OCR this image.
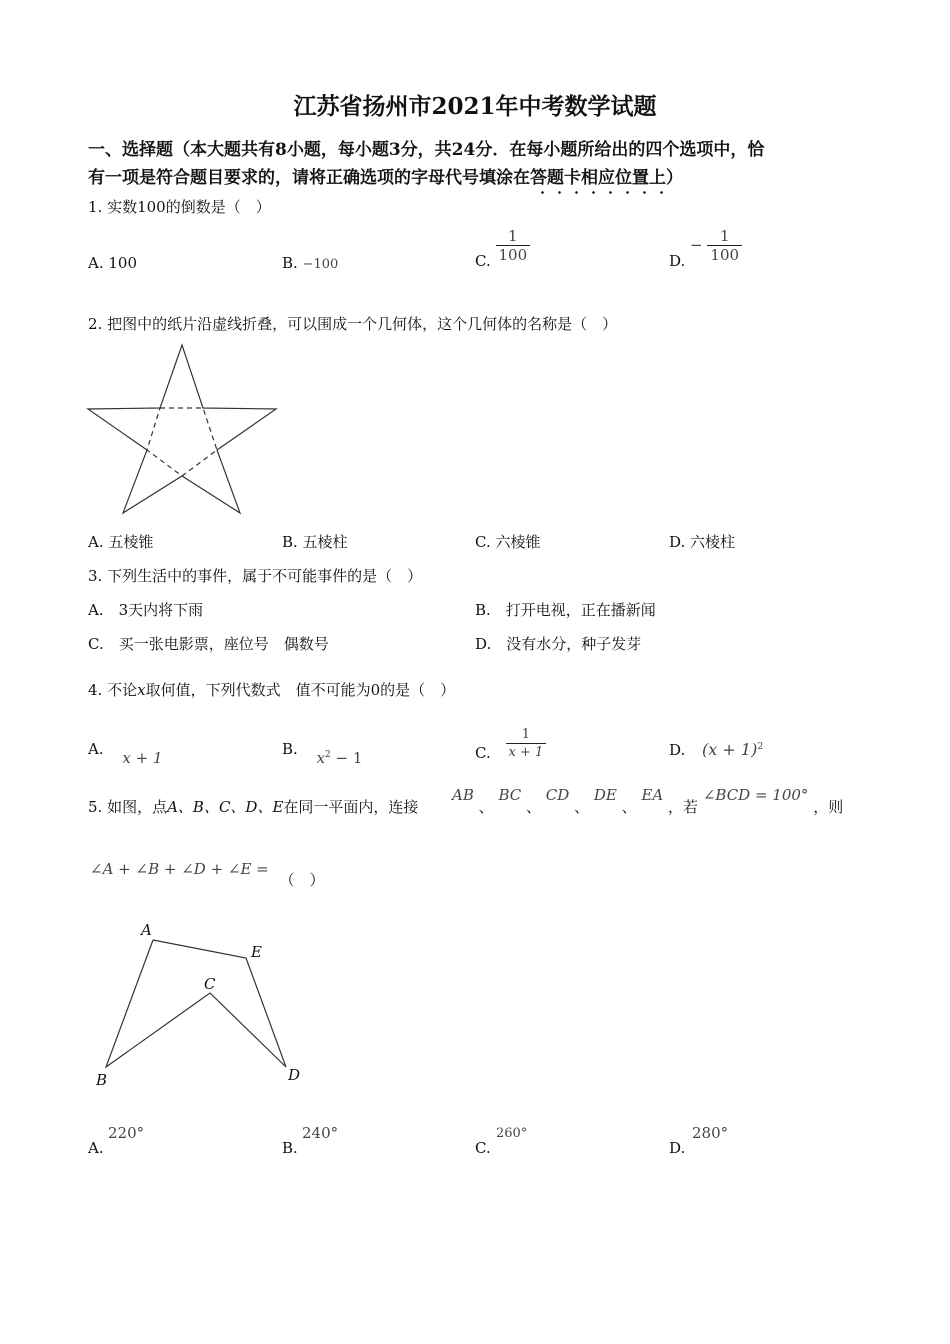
江苏省扬州市2021年中考数学试题
一、选择题（本大题共有8小题，每小题3分，共24分．在每小题所给出的四个选项中，恰
有一项是符合题目要求的，请将正确选项的字母代号填涂在答题卡相应位置上）
1. 实数100的倒数是（　）
A. 100	B. −100	C. $\frac{1}{100}$	D. − $\frac{1}{100}$
2. 把图中的纸片沿虚线折叠，可以围成一个几何体，这个几何体的名称是（　）
A. 五棱锥	B. 五棱柱	C. 六棱锥	D. 六棱柱
3. 下列生活中的事件，属于不可能事件的是（　）
A.　3天内将下雨	B.　打开电视，正在播新闻
C.　买一张电影票，座位号　偶数号	D.　没有水分，种子发芽
4. 不论x取何值，下列代数式　值不可能为0的是（　）
A. x + 1	B. $x^2 - 1$	C. $\frac{1}{x + 1}$	D. $(x + 1)^2$
5. 如图，点A、B、C、D、E在同一平面内，连接
AB 、 BC 、 CD 、 DE 、 EA ，若 ∠BCD = 100° ，则
∠A + ∠B + ∠D + ∠E = （　）
A
E
C
B	D
A.
220°
B.
240°
C.
260°
D.
280°
